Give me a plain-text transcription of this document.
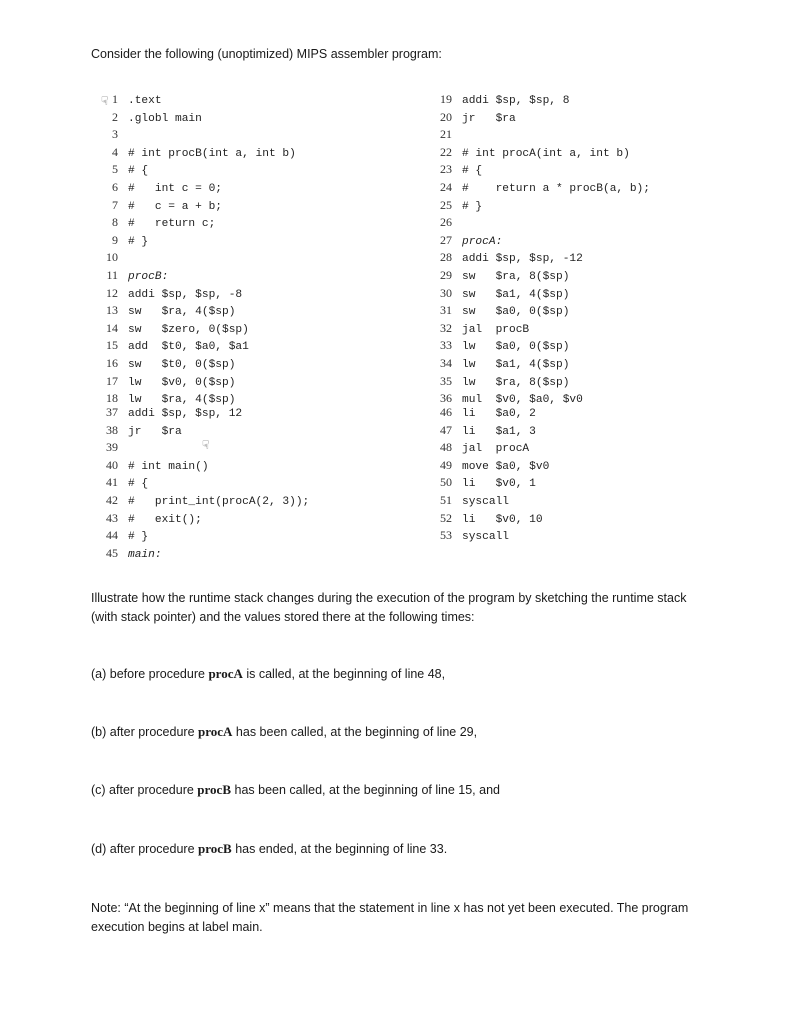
Consider the following (unoptimized) MIPS assembler program:
☟ 1 .text
2 .globl main
3
4 # int procB(int a, int b)
5 # {
6 #   int c = 0;
7 #   c = a + b;
8 #   return c;
9 # }
10
11 procB:
12 addi $sp, $sp, -8
13 sw   $ra, 4($sp)
14 sw   $zero, 0($sp)
15 add  $t0, $a0, $a1
16 sw   $t0, 0($sp)
17 lw   $v0, 0($sp)
18 lw   $ra, 4($sp)
19 addi $sp, $sp, 8
20 jr   $ra
21
22 # int procA(int a, int b)
23 # {
24 #    return a * procB(a, b);
25 # }
26
27 procA:
28 addi $sp, $sp, -12
29 sw   $ra, 8($sp)
30 sw   $a1, 4($sp)
31 sw   $a0, 0($sp)
32 jal  procB
33 lw   $a0, 0($sp)
34 lw   $a1, 4($sp)
35 lw   $ra, 8($sp)
36 mul  $v0, $a0, $v0
37 addi $sp, $sp, 12
38 jr   $ra
39
40 # int main()
41 # {
42 #   print_int(procA(2, 3));
43 #   exit();
44 # }
45 main:
☟
46 li   $a0, 2
47 li   $a1, 3
48 jal  procA
49 move $a0, $v0
50 li   $v0, 1
51 syscall
52 li   $v0, 10
53 syscall
Illustrate how the runtime stack changes during the execution of the program by sketching the runtime stack (with stack pointer) and the values stored there at the following times:
(a) before procedure procA is called, at the beginning of line 48,
(b) after procedure procA has been called, at the beginning of line 29,
(c) after procedure procB has been called, at the beginning of line 15, and
(d) after procedure procB has ended, at the beginning of line 33.
Note: “At the beginning of line x” means that the statement in line x has not yet been executed. The program execution begins at label main.
